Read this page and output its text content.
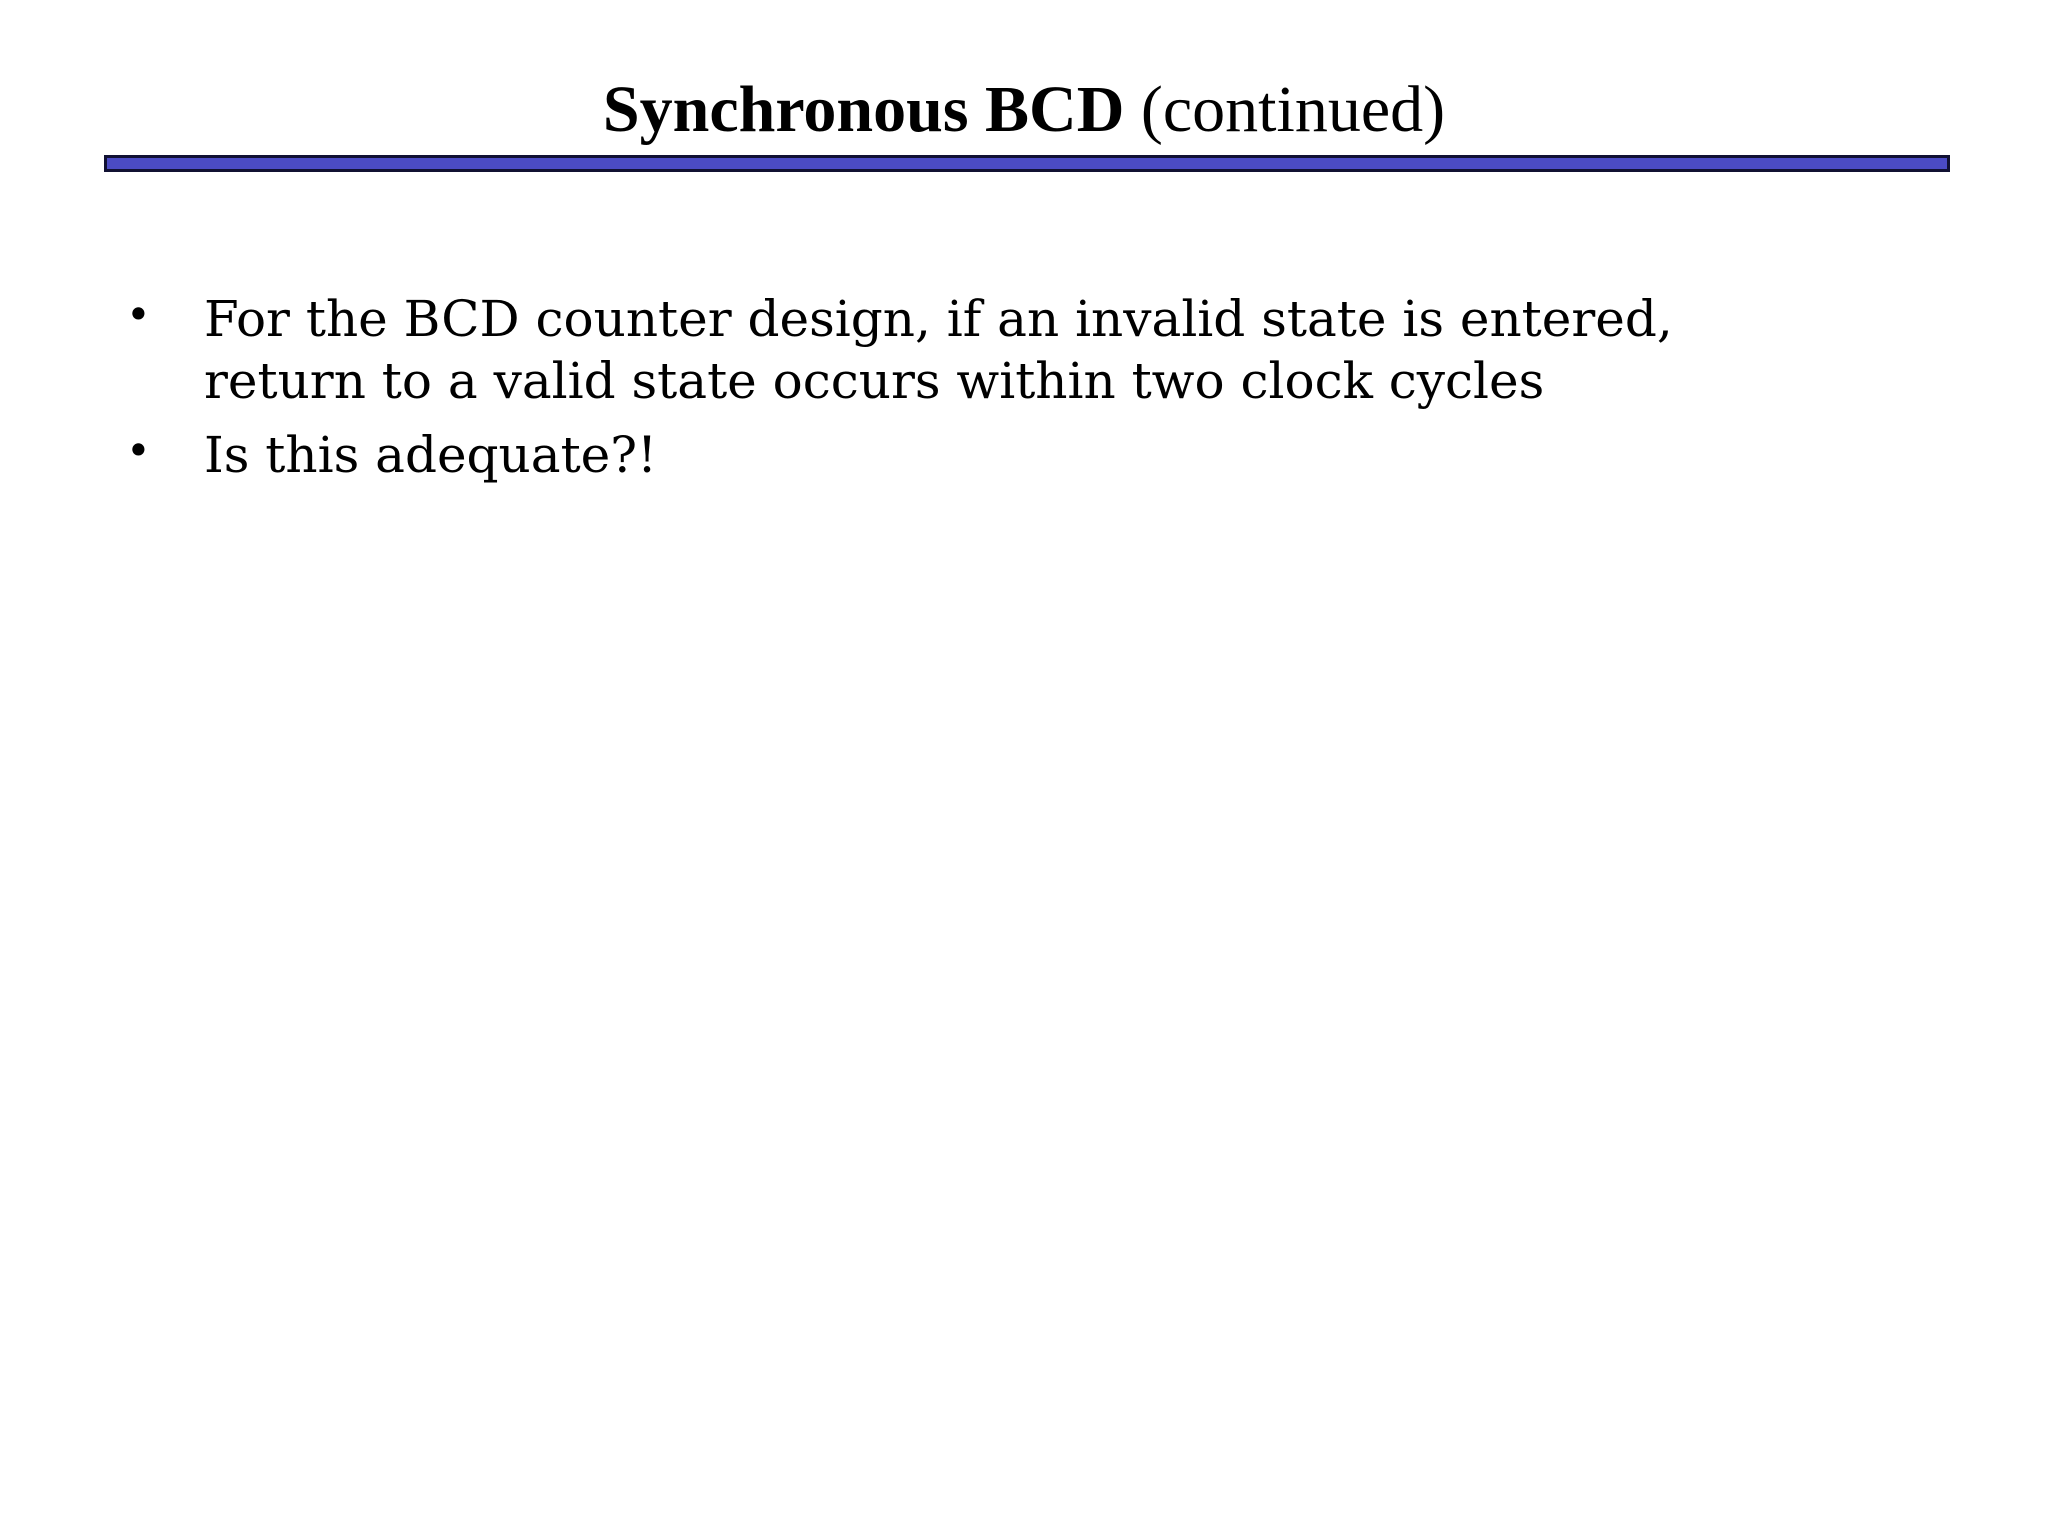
Synchronous BCD (continued)
• For the BCD counter design, if an invalid state is entered,
return to a valid state occurs within two clock cycles
• Is this adequate?!
